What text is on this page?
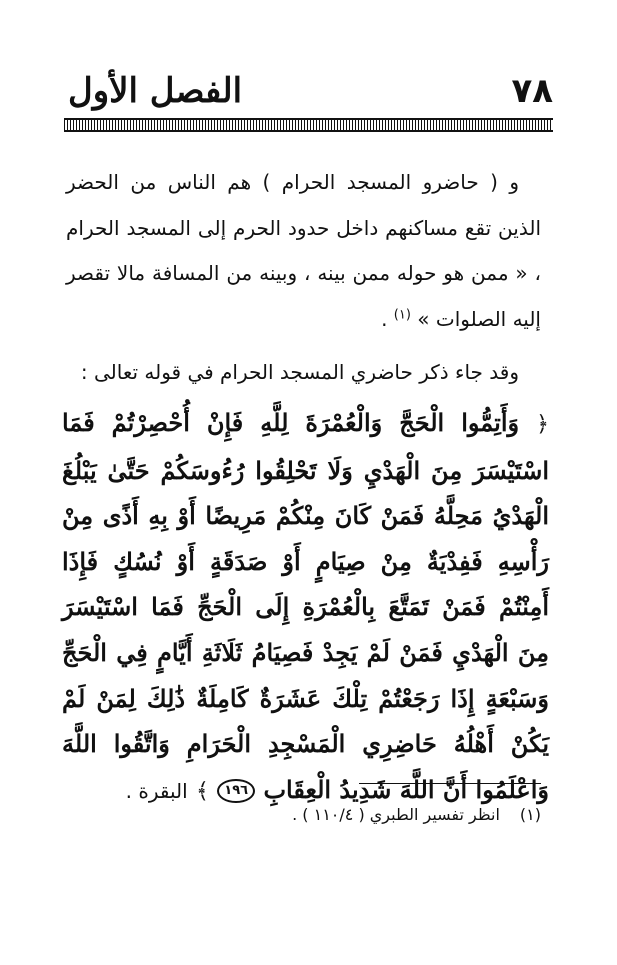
الفصل الأول	٧٨

و ( حاضرو المسجد الحرام ) هم الناس من الحضر الذين تقع مساكنهم داخل حدود الحرم إلى المسجد الحرام ، « ممن هو حوله ممن بينه ، وبينه من المسافة مالا تقصر إليه الصلوات » $^{(١)}$ .

وقد جاء ذكر حاضري المسجد الحرام في قوله تعالى :

﴿ وَأَتِمُّوا الْحَجَّ وَالْعُمْرَةَ لِلَّهِ فَإِنْ أُحْصِرْتُمْ فَمَا اسْتَيْسَرَ مِنَ الْهَدْيِ وَلَا تَحْلِقُوا رُءُوسَكُمْ حَتَّىٰ يَبْلُغَ الْهَدْيُ مَحِلَّهُ فَمَنْ كَانَ مِنْكُمْ مَرِيضًا أَوْ بِهِ أَذًى مِنْ رَأْسِهِ فَفِدْيَةٌ مِنْ صِيَامٍ أَوْ صَدَقَةٍ أَوْ نُسُكٍ فَإِذَا أَمِنْتُمْ فَمَنْ تَمَتَّعَ بِالْعُمْرَةِ إِلَى الْحَجِّ فَمَا اسْتَيْسَرَ مِنَ الْهَدْيِ فَمَنْ لَمْ يَجِدْ فَصِيَامُ ثَلَاثَةِ أَيَّامٍ فِي الْحَجِّ وَسَبْعَةٍ إِذَا رَجَعْتُمْ تِلْكَ عَشَرَةٌ كَامِلَةٌ ذَٰلِكَ لِمَنْ لَمْ يَكُنْ أَهْلُهُ حَاضِرِي الْمَسْجِدِ الْحَرَامِ وَاتَّقُوا اللَّهَ وَاعْلَمُوا أَنَّ اللَّهَ شَدِيدُ الْعِقَابِ ١٩٦ ﴾ البقرة .

(١)انظر تفسير الطبري ( ١١٠/٤ ) .
